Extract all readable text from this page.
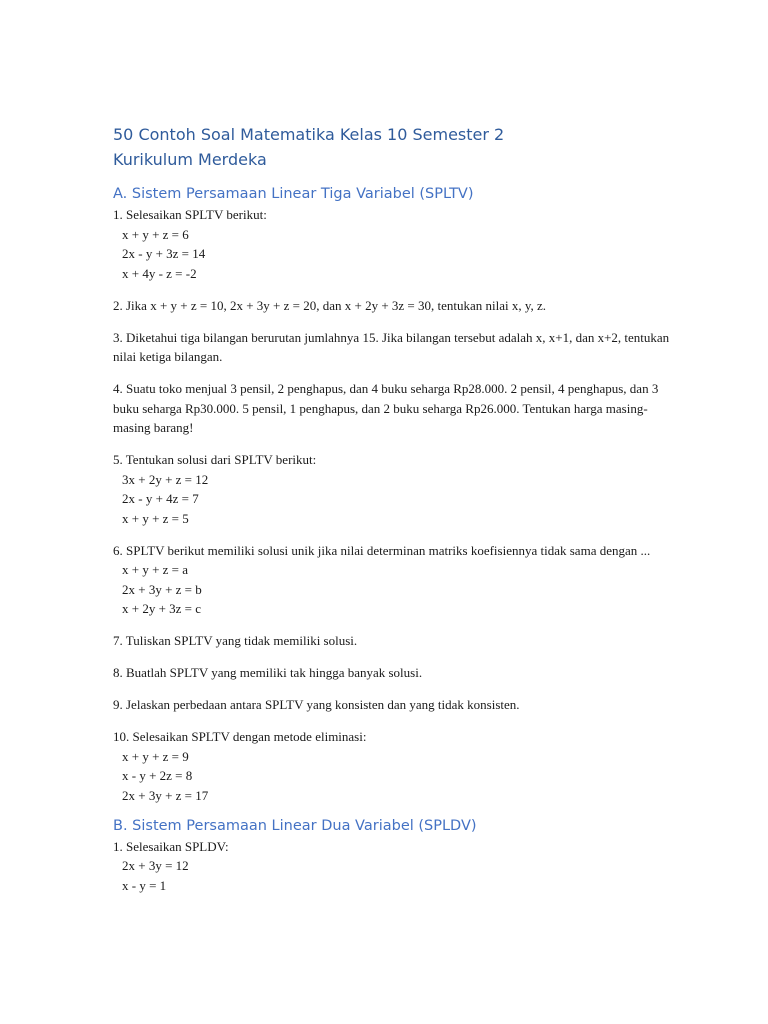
50 Contoh Soal Matematika Kelas 10 Semester 2
Kurikulum Merdeka
A. Sistem Persamaan Linear Tiga Variabel (SPLTV)
1. Selesaikan SPLTV berikut:
x + y + z = 6
2x - y + 3z = 14
x + 4y - z = -2
2. Jika x + y + z = 10, 2x + 3y + z = 20, dan x + 2y + 3z = 30, tentukan nilai x, y, z.
3. Diketahui tiga bilangan berurutan jumlahnya 15. Jika bilangan tersebut adalah x, x+1, dan x+2, tentukan nilai ketiga bilangan.
4. Suatu toko menjual 3 pensil, 2 penghapus, dan 4 buku seharga Rp28.000. 2 pensil, 4 penghapus, dan 3 buku seharga Rp30.000. 5 pensil, 1 penghapus, dan 2 buku seharga Rp26.000. Tentukan harga masing-masing barang!
5. Tentukan solusi dari SPLTV berikut:
3x + 2y + z = 12
2x - y + 4z = 7
x + y + z = 5
6. SPLTV berikut memiliki solusi unik jika nilai determinan matriks koefisiennya tidak sama dengan ...
x + y + z = a
2x + 3y + z = b
x + 2y + 3z = c
7. Tuliskan SPLTV yang tidak memiliki solusi.
8. Buatlah SPLTV yang memiliki tak hingga banyak solusi.
9. Jelaskan perbedaan antara SPLTV yang konsisten dan yang tidak konsisten.
10. Selesaikan SPLTV dengan metode eliminasi:
x + y + z = 9
x - y + 2z = 8
2x + 3y + z = 17
B. Sistem Persamaan Linear Dua Variabel (SPLDV)
1. Selesaikan SPLDV:
2x + 3y = 12
x - y = 1
